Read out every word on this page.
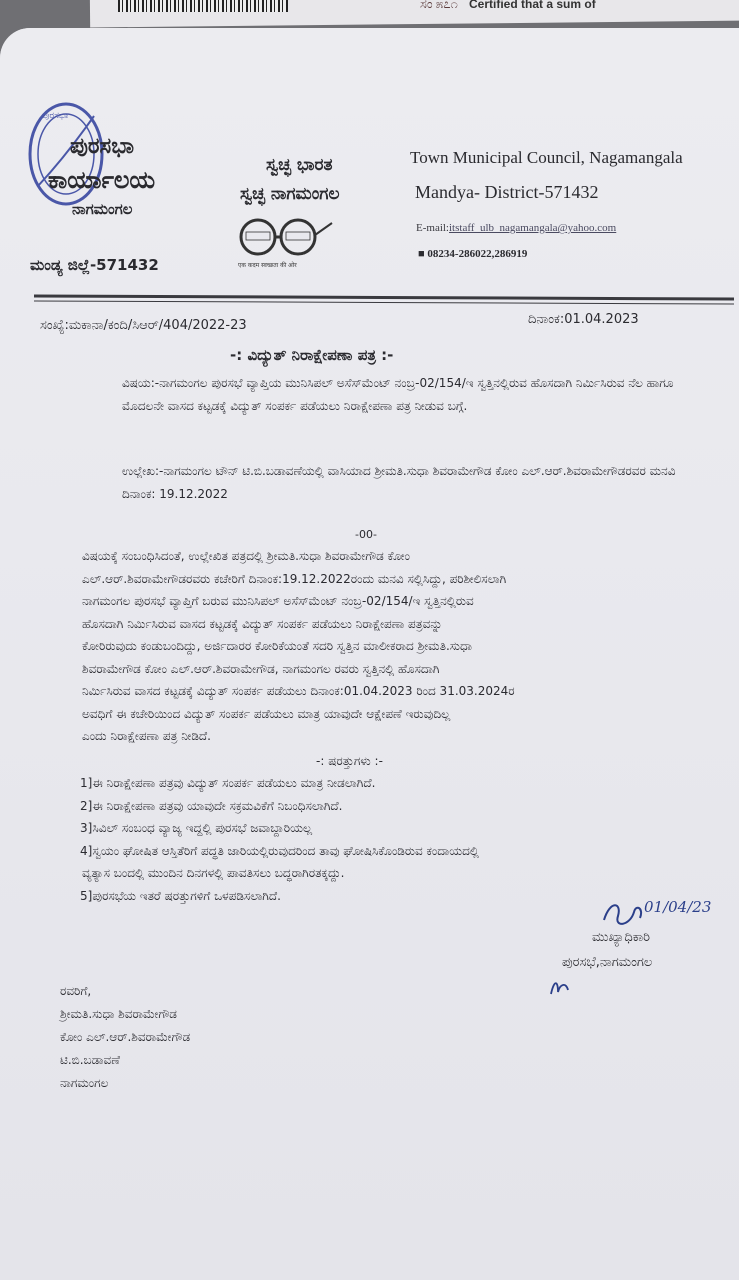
ಸಂ ೫೭೧ Certified that a sum of
ಪುರಸಭಾ
ಪುರಸಭಾ
ಕಾರ್ಯಾಲಯ
ನಾಗಮಂಗಲ
ಮಂಡ್ಯ ಜಿಲ್ಲೆ-571432
ಸ್ವಚ್ಛ ಭಾರತ
ಸ್ವಚ್ಛ ನಾಗಮಂಗಲ
एक कदम स्वच्छता की ओर
Town Municipal Council, Nagamangala
Mandya- District-571432
E-mail:itstaff_ulb_nagamangala@yahoo.com
■ 08234-286022,286919
ಸಂಖ್ಯೆ:ಮಕಾನಾ/ಕಂದಿ/ಸಿಆರ್/404/2022-23	ದಿನಾಂಕ:01.04.2023
-: ವಿದ್ಯುತ್ ನಿರಾಕ್ಷೇಪಣಾ ಪತ್ರ :-
ವಿಷಯ:-ನಾಗಮಂಗಲ ಪುರಸಭೆ ವ್ಯಾಪ್ತಿಯ ಮುನಿಸಿಪಲ್ ಅಸೆಸ್‌ಮೆಂಟ್ ನಂಬ್ರ-02/154/ಇ ಸ್ವತ್ತಿನಲ್ಲಿರುವ ಹೊಸದಾಗಿ ನಿರ್ಮಿಸಿರುವ ನೆಲ ಹಾಗೂ ಮೊದಲನೇ ವಾಸದ ಕಟ್ಟಡಕ್ಕೆ ವಿದ್ಯುತ್ ಸಂಪರ್ಕ ಪಡೆಯಲು ನಿರಾಕ್ಷೇಪಣಾ ಪತ್ರ ನೀಡುವ ಬಗ್ಗೆ.
ಉಲ್ಲೇಖ:-ನಾಗಮಂಗಲ ಟೌನ್ ಟಿ.ಬಿ.ಬಡಾವಣೆಯಲ್ಲಿ ವಾಸಿಯಾದ ಶ್ರೀಮತಿ.ಸುಧಾ ಶಿವರಾಮೇಗೌಡ ಕೋಂ ಎಲ್.ಆರ್.ಶಿವರಾಮೇಗೌಡರವರ ಮನವಿ ದಿನಾಂಕ: 19.12.2022
-00-
ವಿಷಯಕ್ಕೆ ಸಂಬಂಧಿಸಿದಂತೆ, ಉಲ್ಲೇಖಿತ ಪತ್ರದಲ್ಲಿ ಶ್ರೀಮತಿ.ಸುಧಾ ಶಿವರಾಮೇಗೌಡ ಕೋಂ
ಎಲ್.ಆರ್.ಶಿವರಾಮೇಗೌಡರವರು ಕಚೇರಿಗೆ ದಿನಾಂಕ:19.12.2022ರಂದು ಮನವಿ ಸಲ್ಲಿಸಿದ್ದು, ಪರಿಶೀಲಿಸಲಾಗಿ
ನಾಗಮಂಗಲ ಪುರಸಭೆ ವ್ಯಾಪ್ತಿಗೆ ಬರುವ ಮುನಿಸಿಪಲ್ ಅಸೆಸ್‌ಮೆಂಟ್ ನಂಬ್ರ-02/154/ಇ ಸ್ವತ್ತಿನಲ್ಲಿರುವ
ಹೊಸದಾಗಿ ನಿರ್ಮಿಸಿರುವ ವಾಸದ ಕಟ್ಟಡಕ್ಕೆ ವಿದ್ಯುತ್ ಸಂಪರ್ಕ ಪಡೆಯಲು ನಿರಾಕ್ಷೇಪಣಾ ಪತ್ರವನ್ನು
ಕೋರಿರುವುದು ಕಂಡುಬಂದಿದ್ದು, ಅರ್ಜಿದಾರರ ಕೋರಿಕೆಯಂತೆ ಸದರಿ ಸ್ವತ್ತಿನ ಮಾಲೀಕರಾದ ಶ್ರೀಮತಿ.ಸುಧಾ
ಶಿವರಾಮೇಗೌಡ ಕೋಂ ಎಲ್.ಆರ್.ಶಿವರಾಮೇಗೌಡ, ನಾಗಮಂಗಲ ರವರು ಸ್ವತ್ತಿನಲ್ಲಿ ಹೊಸದಾಗಿ
ನಿರ್ಮಿಸಿರುವ ವಾಸದ ಕಟ್ಟಡಕ್ಕೆ ವಿದ್ಯುತ್ ಸಂಪರ್ಕ ಪಡೆಯಲು ದಿನಾಂಕ:01.04.2023 ರಿಂದ 31.03.2024ರ
ಅವಧಿಗೆ ಈ ಕಚೇರಿಯಿಂದ ವಿದ್ಯುತ್ ಸಂಪರ್ಕ ಪಡೆಯಲು ಮಾತ್ರ ಯಾವುದೇ ಆಕ್ಷೇಪಣೆ ಇರುವುದಿಲ್ಲ
ಎಂದು ನಿರಾಕ್ಷೇಪಣಾ ಪತ್ರ ನೀಡಿದೆ.
-: ಷರತ್ತುಗಳು :-
1]ಈ ನಿರಾಕ್ಷೇಪಣಾ ಪತ್ರವು ವಿದ್ಯುತ್ ಸಂಪರ್ಕ ಪಡೆಯಲು ಮಾತ್ರ ನೀಡಲಾಗಿದೆ.
2]ಈ ನಿರಾಕ್ಷೇಪಣಾ ಪತ್ರವು ಯಾವುದೇ ಸಕ್ರಮವಿಕೆಗೆ ನಿಬಂಧಿಸಲಾಗಿದೆ.
3]ಸಿವಿಲ್ ಸಂಬಂಧ ವ್ಯಾಜ್ಯ ಇದ್ದಲ್ಲಿ ಪುರಸಭೆ ಜವಾಬ್ದಾರಿಯಲ್ಲ
4]ಸ್ವಯಂ ಘೋಷಿತ ಆಸ್ತಿತೆರಿಗೆ ಪದ್ಧತಿ ಜಾರಿಯಲ್ಲಿರುವುದರಿಂದ ತಾವು ಘೋಷಿಸಿಕೊಂಡಿರುವ ಕಂದಾಯದಲ್ಲಿ
ವ್ಯತ್ಯಾಸ ಬಂದಲ್ಲಿ ಮುಂದಿನ ದಿನಗಳಲ್ಲಿ ಪಾವತಿಸಲು ಬದ್ಧರಾಗಿರತಕ್ಕದ್ದು.
5]ಪುರಸಭೆಯ ಇತರೆ ಷರತ್ತುಗಳಿಗೆ ಒಳಪಡಿಸಲಾಗಿದೆ.
01/04/23
ಮುಖ್ಯಾಧಿಕಾರಿ
ಪುರಸಭೆ,ನಾಗಮಂಗಲ
ರವರಿಗೆ,
ಶ್ರೀಮತಿ.ಸುಧಾ ಶಿವರಾಮೇಗೌಡ
ಕೋಂ ಎಲ್.ಆರ್.ಶಿವರಾಮೇಗೌಡ
ಟಿ.ಬಿ.ಬಡಾವಣೆ
ನಾಗಮಂಗಲ
